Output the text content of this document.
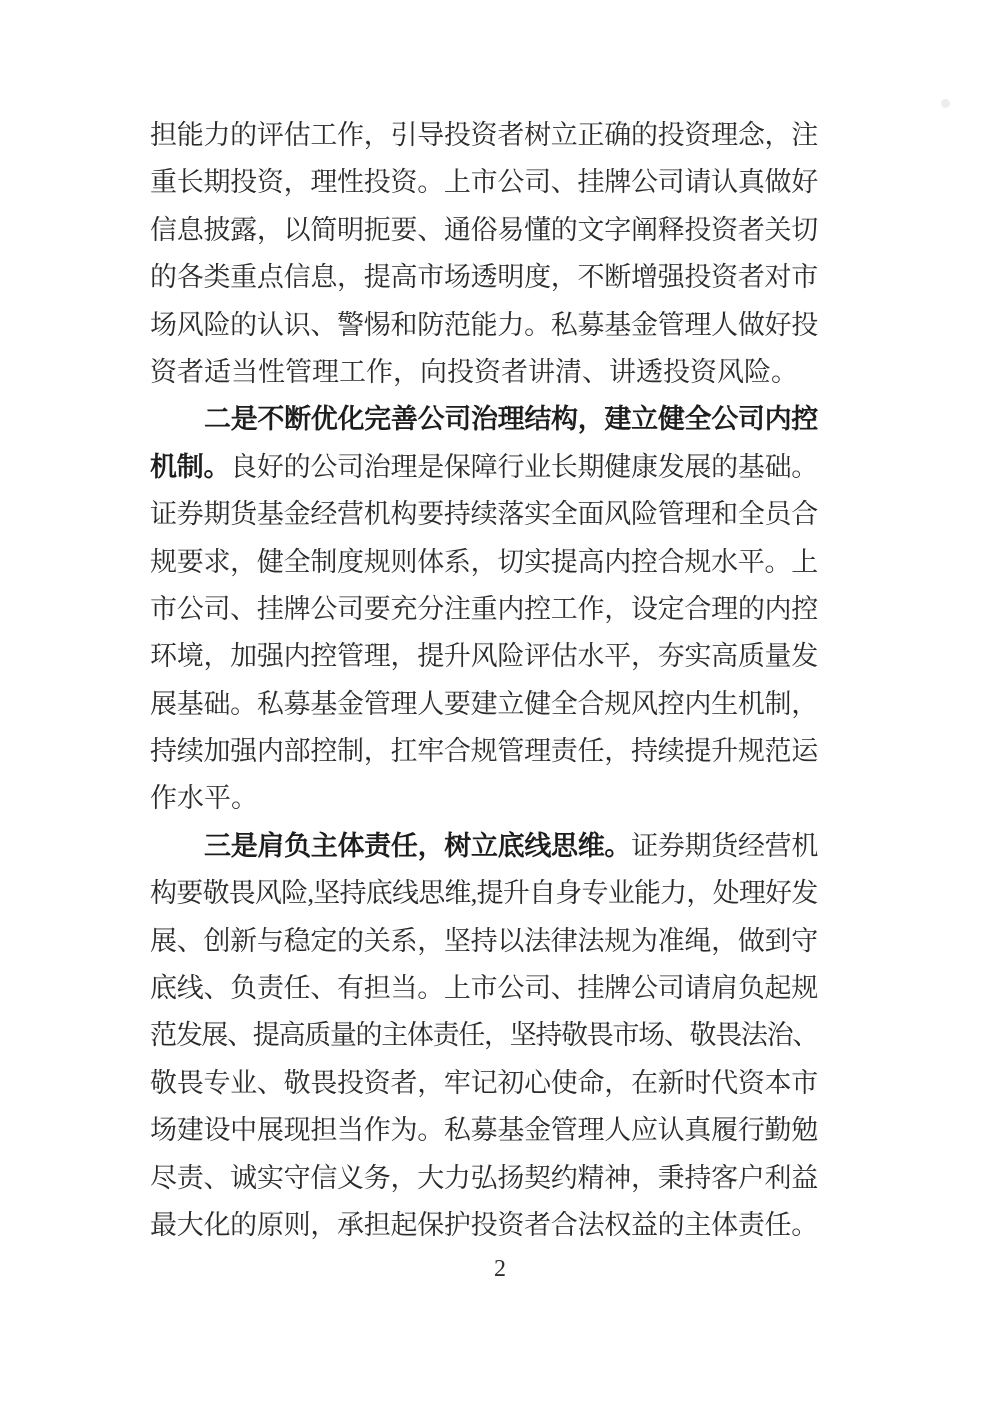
担能力的评估工作，引导投资者树立正确的投资理念，注
重长期投资，理性投资。上市公司、挂牌公司请认真做好
信息披露，以简明扼要、通俗易懂的文字阐释投资者关切
的各类重点信息，提高市场透明度，不断增强投资者对市
场风险的认识、警惕和防范能力。私募基金管理人做好投
资者适当性管理工作，向投资者讲清、讲透投资风险。
二是不断优化完善公司治理结构，建立健全公司内控
机制。良好的公司治理是保障行业长期健康发展的基础。
证券期货基金经营机构要持续落实全面风险管理和全员合
规要求，健全制度规则体系，切实提高内控合规水平。上
市公司、挂牌公司要充分注重内控工作，设定合理的内控
环境，加强内控管理，提升风险评估水平，夯实高质量发
展基础。私募基金管理人要建立健全合规风控内生机制，
持续加强内部控制，扛牢合规管理责任，持续提升规范运
作水平。
三是肩负主体责任，树立底线思维。证券期货经营机
构要敬畏风险,坚持底线思维,提升自身专业能力，处理好发
展、创新与稳定的关系，坚持以法律法规为准绳，做到守
底线、负责任、有担当。上市公司、挂牌公司请肩负起规
范发展、提高质量的主体责任，坚持敬畏市场、敬畏法治、
敬畏专业、敬畏投资者，牢记初心使命，在新时代资本市
场建设中展现担当作为。私募基金管理人应认真履行勤勉
尽责、诚实守信义务，大力弘扬契约精神，秉持客户利益
最大化的原则，承担起保护投资者合法权益的主体责任。
2
